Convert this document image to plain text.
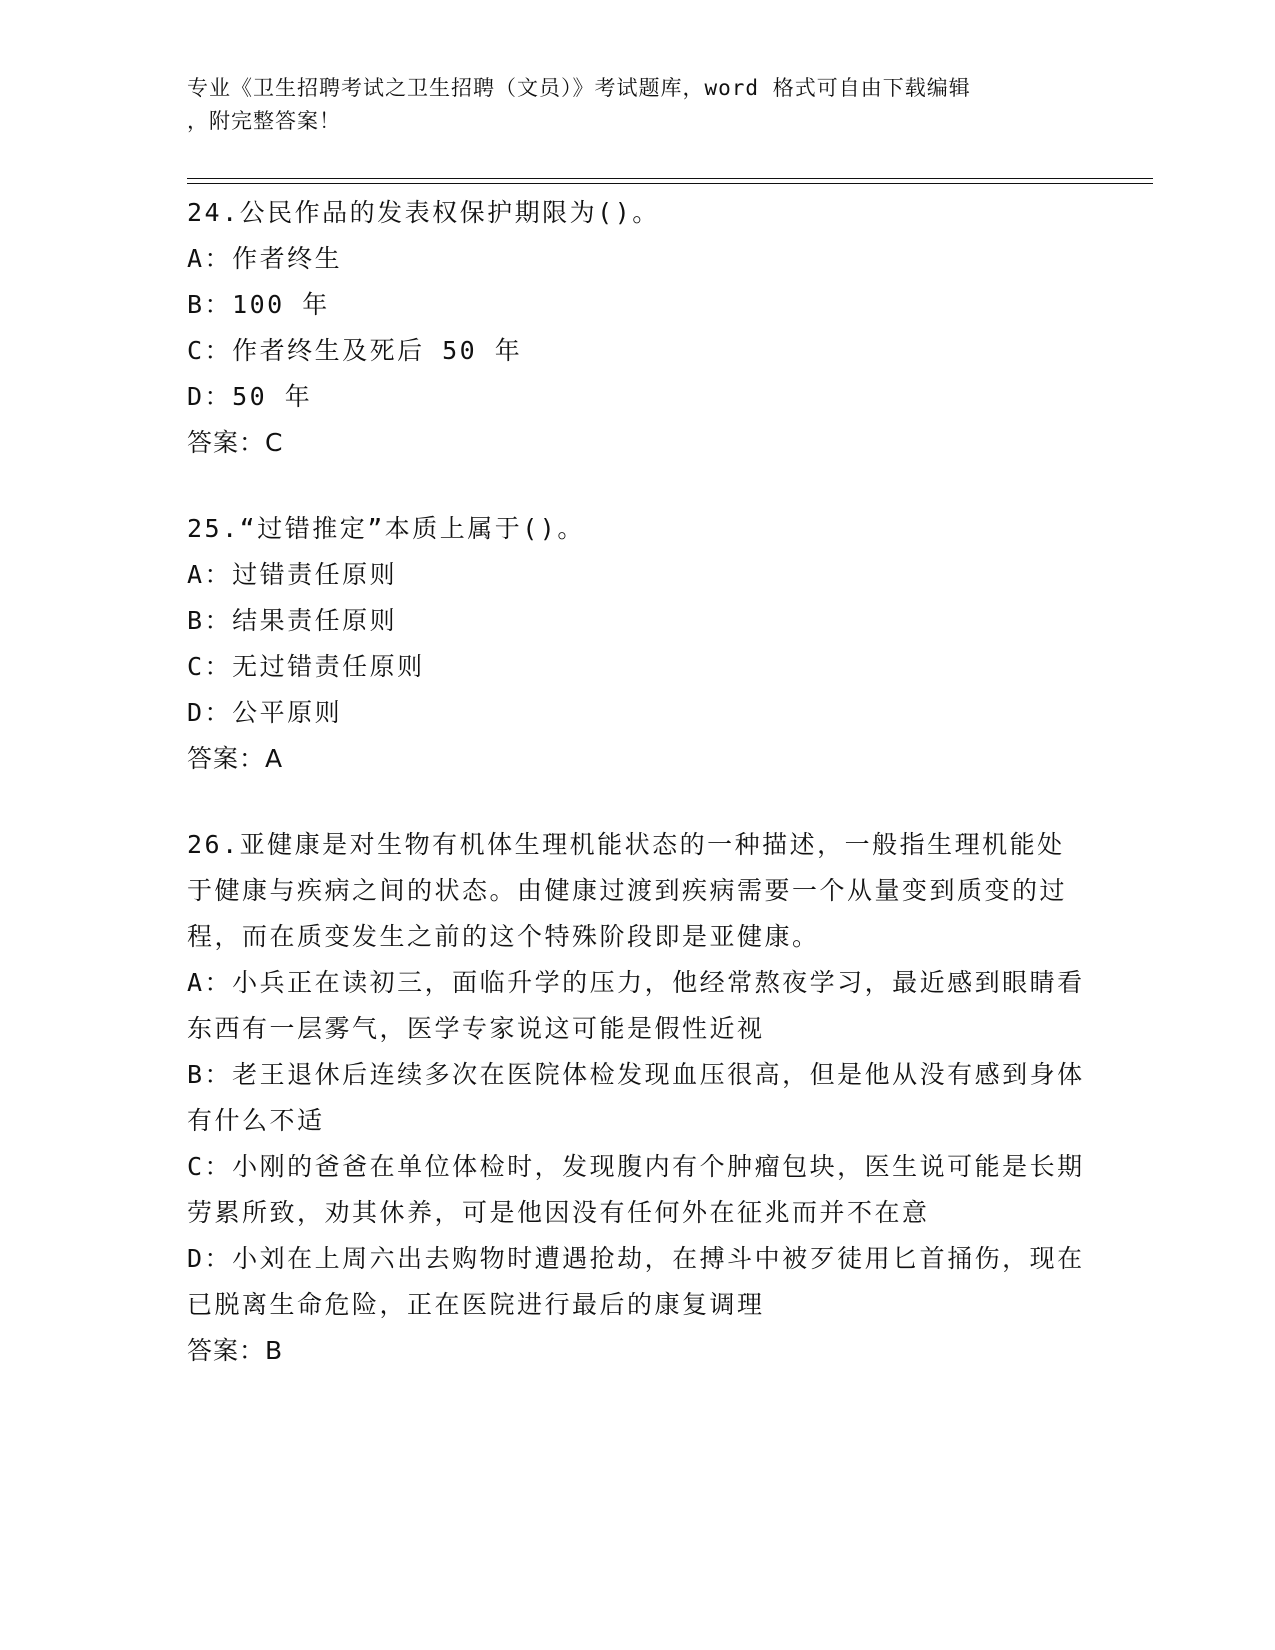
专业《卫生招聘考试之卫生招聘（文员）》考试题库，word 格式可自由下载编辑
，附完整答案！
24.公民作品的发表权保护期限为()。
A：作者终生
B：100 年
C：作者终生及死后 50 年
D：50 年
答案：C
25.“过错推定”本质上属于()。
A：过错责任原则
B：结果责任原则
C：无过错责任原则
D：公平原则
答案：A
26.亚健康是对生物有机体生理机能状态的一种描述，一般指生理机能处于健康与疾病之间的状态。由健康过渡到疾病需要一个从量变到质变的过程，而在质变发生之前的这个特殊阶段即是亚健康。
A：小兵正在读初三，面临升学的压力，他经常熬夜学习，最近感到眼睛看东西有一层雾气，医学专家说这可能是假性近视
B：老王退休后连续多次在医院体检发现血压很高，但是他从没有感到身体有什么不适
C：小刚的爸爸在单位体检时，发现腹内有个肿瘤包块，医生说可能是长期劳累所致，劝其休养，可是他因没有任何外在征兆而并不在意
D：小刘在上周六出去购物时遭遇抢劫，在搏斗中被歹徒用匕首捅伤，现在已脱离生命危险，正在医院进行最后的康复调理
答案：B
